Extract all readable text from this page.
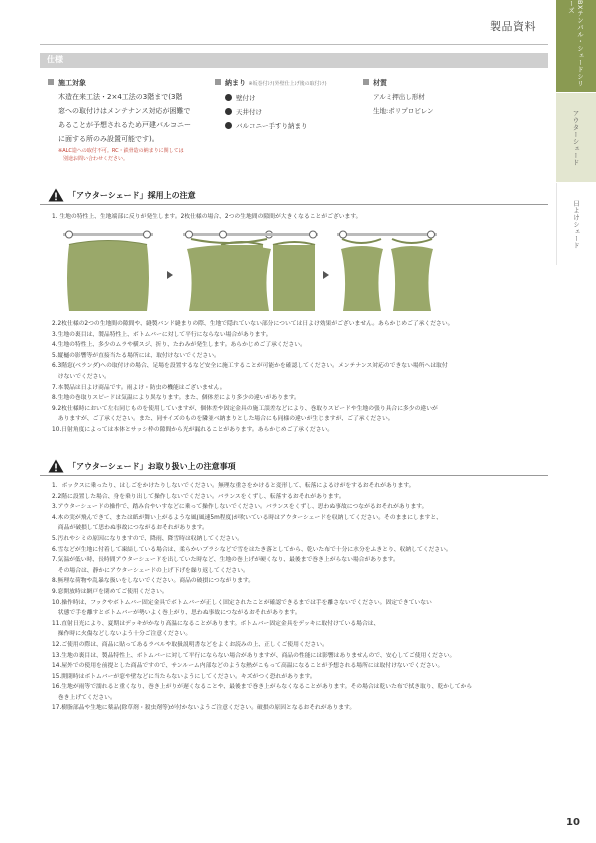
製品資料	BXテンパル・シェードシリーズ
アウターシェード
日よけシェード
仕様
施工対象
木造在来工法・2×4工法の3階まで(3階
窓への取付けはメンテナンス対応が困難で
あることが予想されるため戸建バルコニー
に面する所のみ設置可能です)。
※ALC造への取付不可。RC・鉄骨造の納まりに関しては
　別途お問い合わせください。
納まり ※坂巻付け(外壁仕上げ後の取付け)
壁付け
天井付け
バルコニー手すり納まり
材質
アルミ押出し形材
生地:ポリプロピレン
「アウターシェード」採用上の注意
1. 生地の特性上、生地端部に反りが発生します。2枚仕様の場合、2つの生地間の隙間が大きくなることがございます。
2.2枚仕様の2つの生地間の隙間や、縫製バンド縫まりの際、生地で隠れていない部分については日よけ効果がございません。あらかじめご了承ください。
3.生地の裏目は、製品特性上、ボトムバーに対して平行にならない場合があります。
4.生地の特性上、多少のムラや横スジ、折り、たわみが発生します。あらかじめご了承ください。
5.縦樋の影響等が直接当たる場所には、取付けないでください。
6.3階窓(ベランダ)への取付けの場合、足場を設置するなど安全に施工することが可能かを確認してください。メンテナンス対応のできない場所へは取付
　けないでください。
7.本製品は日よけ商品です。雨よけ・防虫の機能はございません。
8.生地の巻取りスピードは気温により異なります。また、個体差により多少の違いがあります。
9.2枚仕様時において左右同じものを使用していますが、個体差や固定金具の施工誤差などにより、巻取りスピードや生地の張り具合に多少の違いが
　ありますが、ご了承ください。また、同サイズのものを隣並べ納まりとした場合にも同様の違いが生じますが、ご了承ください。
10.日射角度によっては本体とサッシ枠の隙間から光が漏れることがあります。あらかじめご了承ください。
「アウターシェード」お取り扱い上の注意事項
1．ボックスに乗ったり、はしごをかけたりしないでください。無理な重さをかけると変形して、転落によるけがをするおそれがあります。
2.2階に設置した場合、身を乗り出して操作しないでください。バランスをくずし、転落するおそれがあります。
3.アウターシェードの操作で、踏み台やいすなどに乗って操作しないでください。バランスをくずし、思わぬ事故につながるおそれがあります。
4.木の実が飛んできて、または紙が舞い上がるような風(風速5m程度)が吹いている時はアウターシェードを収納してください。そのままにしますと、
　商品が破損して思わぬ事故につながるおそれがあります。
5.汚れやシミの原因になりますので、降雨、降雪時は収納してください。
6.雪などが生地に付着して凍結している場合は、柔らかいブラシなどで雪をはたき落としてから、乾いた布で十分に水分をふきとり、収納してください。
7.気温が低い時、長時間アウターシェードを出していた時など、生地の巻上げが硬くなり、最後まで巻き上がらない場合があります。
　その場合は、静かにアウターシェードの上げ下げを繰り返してください。
8.無理な荷物や乱暴な扱いをしないでください。商品の破損につながります。
9.窓開放時は網戸を閉めてご使用ください。
10.操作時は、フックやボトムバー固定金具でボトムバーが正しく固定されたことが確認できるまでは手を離さないでください。固定できていない
　状態で手を離すとボトムバーが勢いよく巻上がり、思わぬ事故につながるおそれがあります。
11.直射日光により、夏期はデッキがかなり高温になることがあります。ボトムバー固定金具をデッキに取付けている場合は、
　操作時に火傷などしないよう十分ご注意ください。
12.ご使用の際は、商品に貼ってあるラベルや取扱説明書などをよくお読みの上、正しくご使用ください。
13.生地の裏目は、製品特性上、ボトムバーに対して平行にならない場合がありますが、商品の性能には影響はありませんので、安心してご使用ください。
14.屋外での使用を前提とした商品ですので、サンルーム内部などのような熱がこもって高温になることが予想される場所には取付けないでください。
15.開閉時はボトムバーが窓や壁などに当たらないようにしてください。キズがつく恐れがあります。
16.生地が雨等で濡れると重くなり、巻き上がりが遅くなることや、最後まで巻き上がらなくなることがあります。その場合は乾いた布で拭き取り、乾かしてから
　巻き上げてください。
17.樹脂部品や生地に薬品(除草剤・殺虫剤等)が付かないようご注意ください。破損の原因となるおそれがあります。
10
